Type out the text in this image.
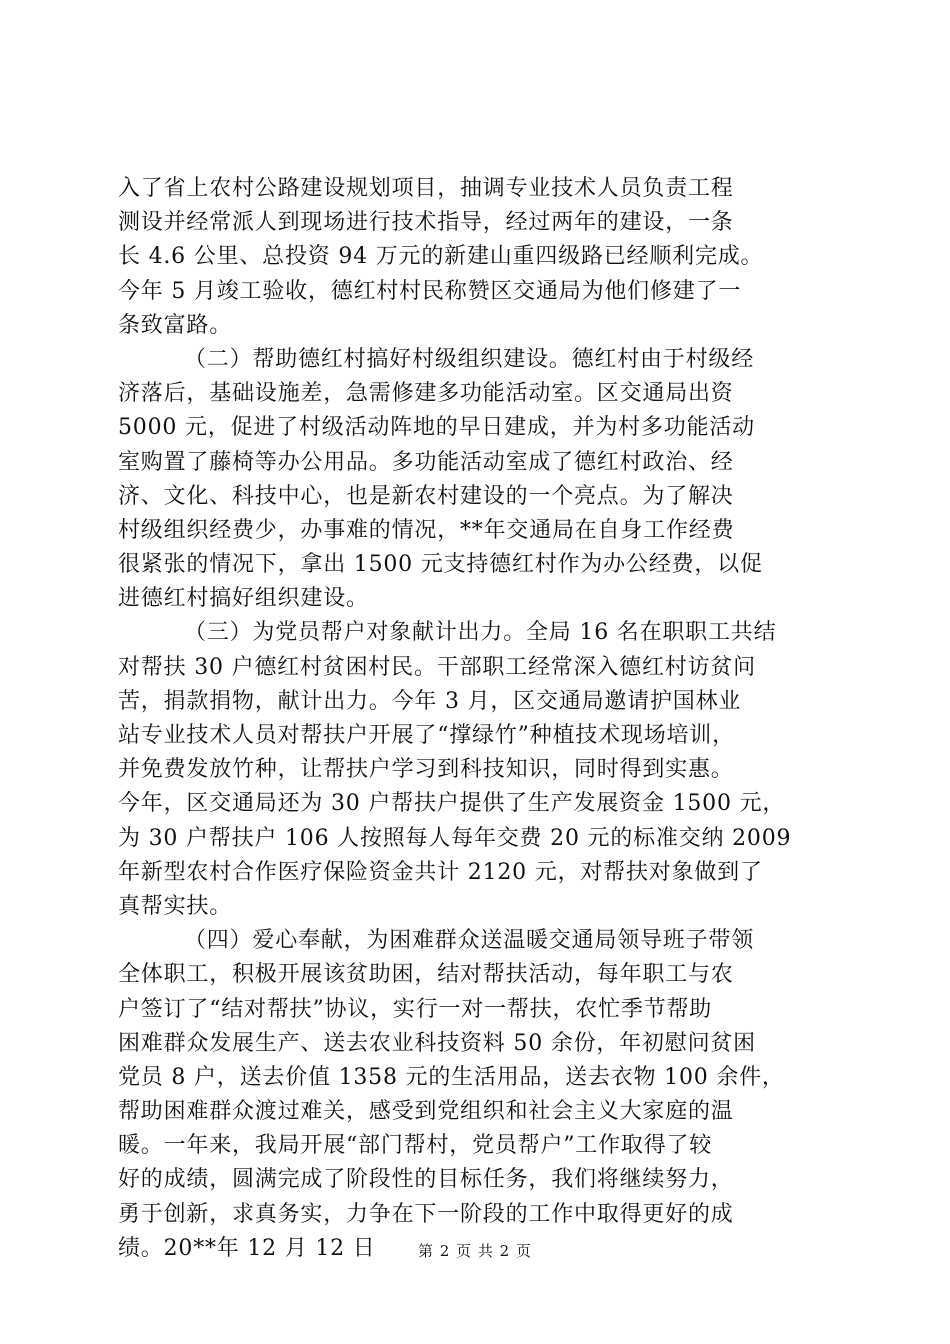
入了省上农村公路建设规划项目，抽调专业技术人员负责工程
测设并经常派人到现场进行技术指导，经过两年的建设，一条
长 4.6 公里、总投资 94 万元的新建山重四级路已经顺利完成。
今年 5 月竣工验收，德红村村民称赞区交通局为他们修建了一
条致富路。
（二）帮助德红村搞好村级组织建设。德红村由于村级经
济落后，基础设施差，急需修建多功能活动室。区交通局出资
5000 元，促进了村级活动阵地的早日建成，并为村多功能活动
室购置了藤椅等办公用品。多功能活动室成了德红村政治、经
济、文化、科技中心，也是新农村建设的一个亮点。为了解决
村级组织经费少，办事难的情况，**年交通局在自身工作经费
很紧张的情况下，拿出 1500 元支持德红村作为办公经费，以促
进德红村搞好组织建设。
（三）为党员帮户对象献计出力。全局 16 名在职职工共结
对帮扶 30 户德红村贫困村民。干部职工经常深入德红村访贫问
苦，捐款捐物，献计出力。今年 3 月，区交通局邀请护国林业
站专业技术人员对帮扶户开展了“撑绿竹”种植技术现场培训，
并免费发放竹种，让帮扶户学习到科技知识，同时得到实惠。
今年，区交通局还为 30 户帮扶户提供了生产发展资金 1500 元，
为 30 户帮扶户 106 人按照每人每年交费 20 元的标准交纳 2009
年新型农村合作医疗保险资金共计 2120 元，对帮扶对象做到了
真帮实扶。
（四）爱心奉献，为困难群众送温暖交通局领导班子带领
全体职工，积极开展该贫助困，结对帮扶活动，每年职工与农
户签订了“结对帮扶”协议，实行一对一帮扶，农忙季节帮助
困难群众发展生产、送去农业科技资料 50 余份，年初慰问贫困
党员 8 户，送去价值 1358 元的生活用品，送去衣物 100 余件，
帮助困难群众渡过难关，感受到党组织和社会主义大家庭的温
暖。一年来，我局开展“部门帮村，党员帮户”工作取得了较
好的成绩，圆满完成了阶段性的目标任务，我们将继续努力，
勇于创新，求真务实，力争在下一阶段的工作中取得更好的成
绩。20**年 12 月 12 日	第 2 页 共 2 页
